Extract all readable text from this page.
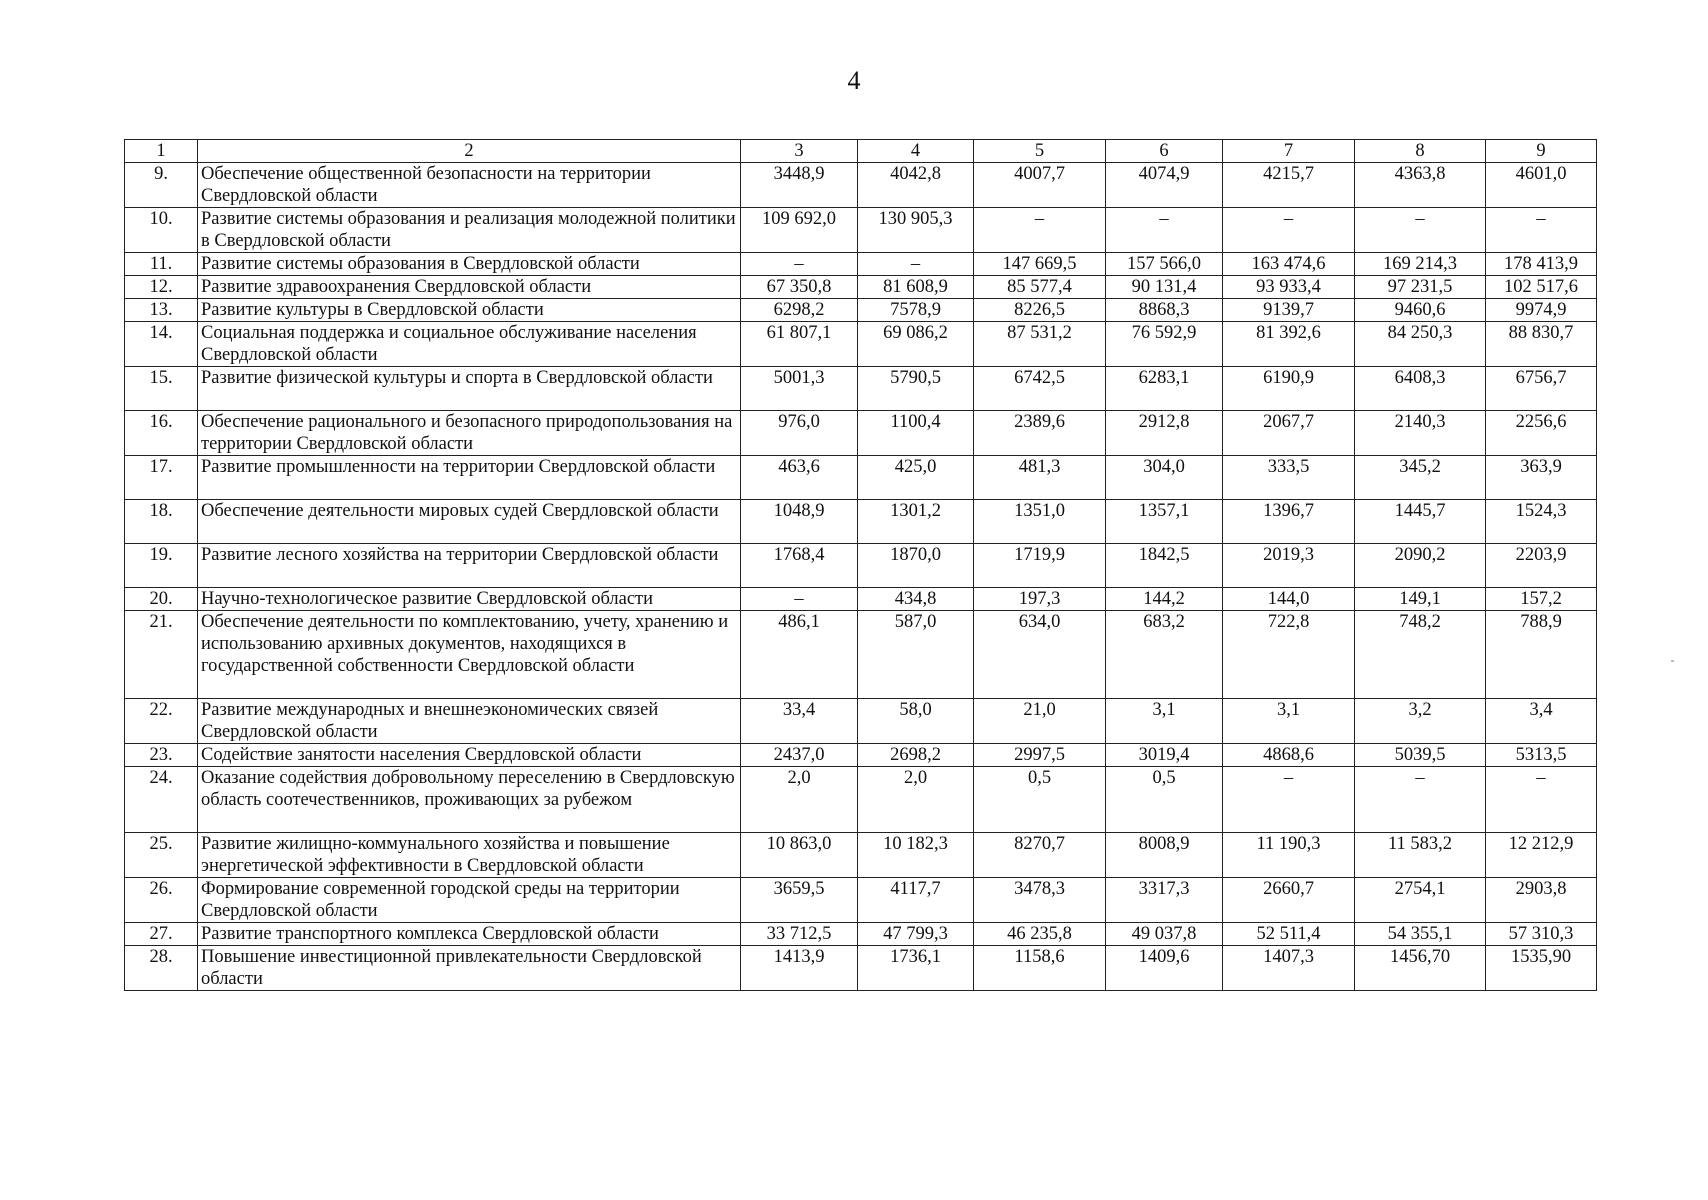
4
1	2	3	4	5	6	7	8	9
9.	Обеспечение общественной безопасности на территории Свердловской области	3448,9	4042,8	4007,7	4074,9	4215,7	4363,8	4601,0
10.	Развитие системы образования и реализация молодежной политики в Свердловской области	109 692,0	130 905,3	–	–	–	–	–
11.	Развитие системы образования в Свердловской области	–	–	147 669,5	157 566,0	163 474,6	169 214,3	178 413,9
12.	Развитие здравоохранения Свердловской области	67 350,8	81 608,9	85 577,4	90 131,4	93 933,4	97 231,5	102 517,6
13.	Развитие культуры в Свердловской области	6298,2	7578,9	8226,5	8868,3	9139,7	9460,6	9974,9
14.	Социальная поддержка и социальное обслуживание населения Свердловской области	61 807,1	69 086,2	87 531,2	76 592,9	81 392,6	84 250,3	88 830,7
15.	Развитие физической культуры и спорта в Свердловской области	5001,3	5790,5	6742,5	6283,1	6190,9	6408,3	6756,7
16.	Обеспечение рационального и безопасного природопользования на территории Свердловской области	976,0	1100,4	2389,6	2912,8	2067,7	2140,3	2256,6
17.	Развитие промышленности на территории Свердловской области	463,6	425,0	481,3	304,0	333,5	345,2	363,9
18.	Обеспечение деятельности мировых судей Свердловской области	1048,9	1301,2	1351,0	1357,1	1396,7	1445,7	1524,3
19.	Развитие лесного хозяйства на территории Свердловской области	1768,4	1870,0	1719,9	1842,5	2019,3	2090,2	2203,9
20.	Научно-технологическое развитие Свердловской области	–	434,8	197,3	144,2	144,0	149,1	157,2
21.	Обеспечение деятельности по комплектованию, учету, хранению и использованию архивных документов, находящихся в государственной собственности Свердловской области	486,1	587,0	634,0	683,2	722,8	748,2	788,9
22.	Развитие международных и внешнеэкономических связей Свердловской области	33,4	58,0	21,0	3,1	3,1	3,2	3,4
23.	Содействие занятости населения Свердловской области	2437,0	2698,2	2997,5	3019,4	4868,6	5039,5	5313,5
24.	Оказание содействия добровольному переселению в Свердловскую область соотечественников, проживающих за рубежом	2,0	2,0	0,5	0,5	–	–	–
25.	Развитие жилищно-коммунального хозяйства и повышение энергетической эффективности в Свердловской области	10 863,0	10 182,3	8270,7	8008,9	11 190,3	11 583,2	12 212,9
26.	Формирование современной городской среды на территории Свердловской области	3659,5	4117,7	3478,3	3317,3	2660,7	2754,1	2903,8
27.	Развитие транспортного комплекса Свердловской области	33 712,5	47 799,3	46 235,8	49 037,8	52 511,4	54 355,1	57 310,3
28.	Повышение инвестиционной привлекательности Свердловской области	1413,9	1736,1	1158,6	1409,6	1407,3	1456,70	1535,90
